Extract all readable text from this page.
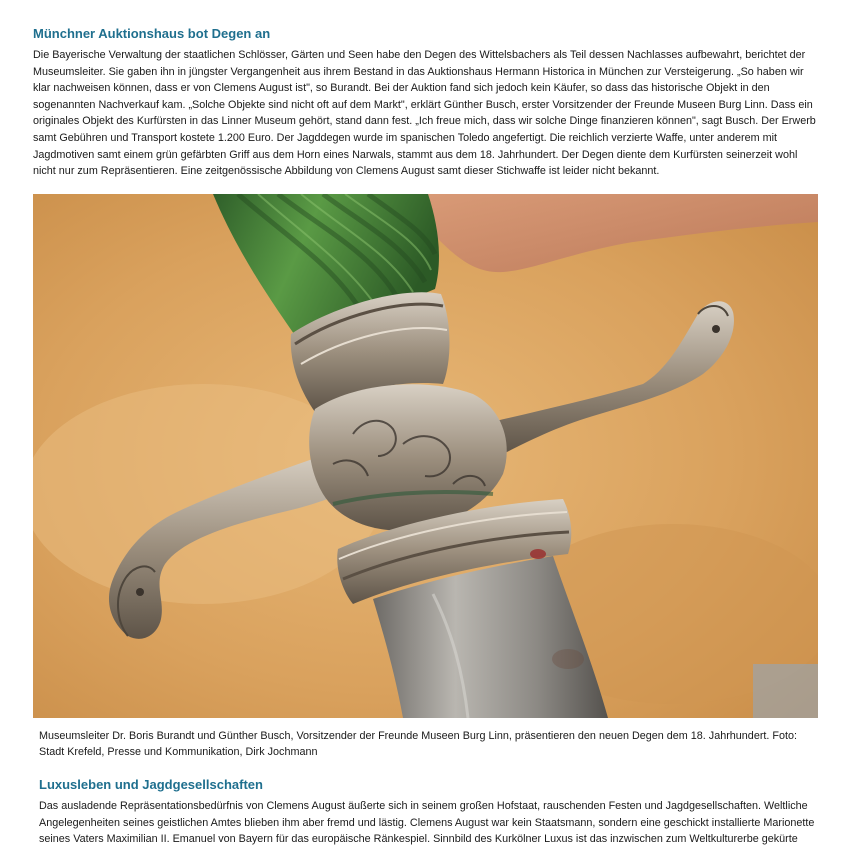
Münchner Auktionshaus bot Degen an

Die Bayerische Verwaltung der staatlichen Schlösser, Gärten und Seen habe den Degen des Wittelsbachers als Teil dessen Nachlasses aufbewahrt, berichtet der Museumsleiter. Sie gaben ihn in jüngster Vergangenheit aus ihrem Bestand in das Auktionshaus Hermann Historica in München zur Versteigerung. „So haben wir klar nachweisen können, dass er von Clemens August ist", so Burandt. Bei der Auktion fand sich jedoch kein Käufer, so dass das historische Objekt in den sogenannten Nachverkauf kam. „Solche Objekte sind nicht oft auf dem Markt", erklärt Günther Busch, erster Vorsitzender der Freunde Museen Burg Linn. Dass ein originales Objekt des Kurfürsten in das Linner Museum gehört, stand dann fest. „Ich freue mich, dass wir solche Dinge finanzieren können", sagt Busch. Der Erwerb samt Gebühren und Transport kostete 1.200 Euro. Der Jagddegen wurde im spanischen Toledo angefertigt. Die reichlich verzierte Waffe, unter anderem mit Jagdmotiven samt einem grün gefärbten Griff aus dem Horn eines Narwals, stammt aus dem 18. Jahrhundert. Der Degen diente dem Kurfürsten seinerzeit wohl nicht nur zum Repräsentieren. Eine zeitgenössische Abbildung von Clemens August samt dieser Stichwaffe ist leider nicht bekannt.

Museumsleiter Dr. Boris Burandt und Günther Busch, Vorsitzender der Freunde Museen Burg Linn, präsentieren den neuen Degen dem 18. Jahrhundert. Foto: Stadt Krefeld, Presse und Kommunikation, Dirk Jochmann

Luxusleben und Jagdgesellschaften

Das ausladende Repräsentationsbedürfnis von Clemens August äußerte sich in seinem großen Hofstaat, rauschenden Festen und Jagdgesellschaften. Weltliche Angelegenheiten seines geistlichen Amtes blieben ihm aber fremd und lästig. Clemens August war kein Staatsmann, sondern eine geschickt installierte Marionette seines Vaters Maximilian II. Emanuel von Bayern für das europäische Ränkespiel. Sinnbild des Kurkölner Luxus ist das inzwischen zum Weltkulturerbe gekürte
